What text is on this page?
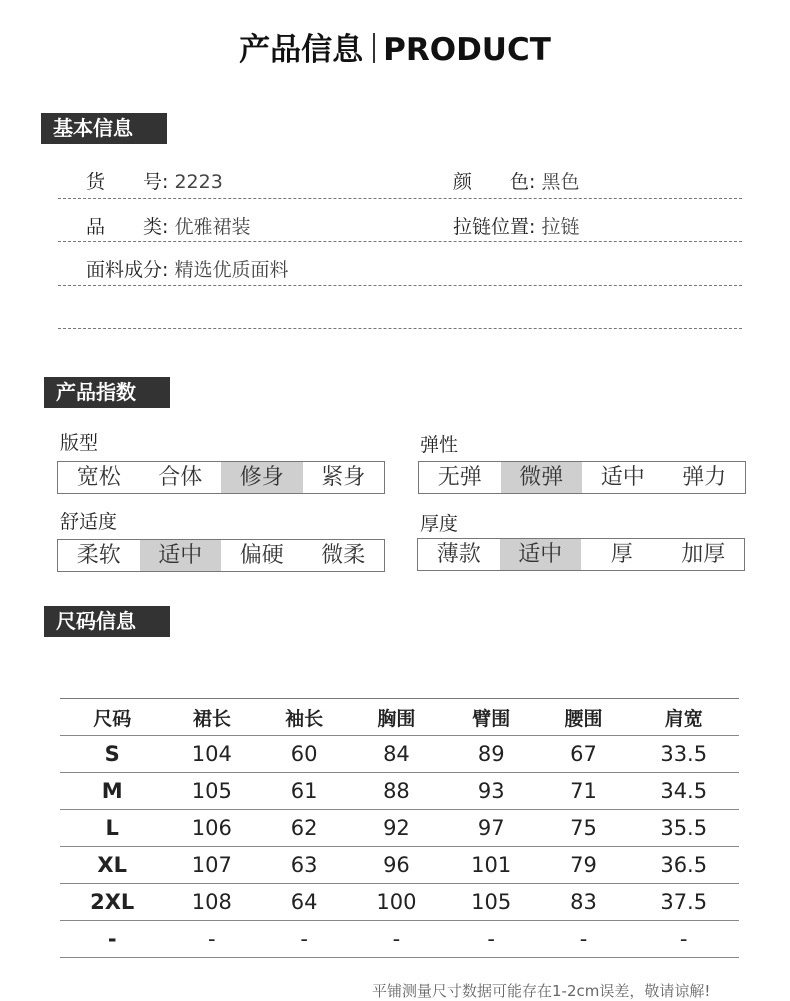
产品信息 PRODUCT
基本信息
货　　号: 2223	颜　　色: 黑色
品　　类: 优雅裙装	拉链位置: 拉链
面料成分: 精选优质面料
产品指数
版型
宽松	合体	修身	紧身
弹性
无弹	微弹	适中	弹力
舒适度
柔软	适中	偏硬	微柔
厚度
薄款	适中	厚	加厚
尺码信息
尺码	裙长	袖长	胸围	臂围	腰围	肩宽
S	104	60	84	89	67	33.5
M	105	61	88	93	71	34.5
L	106	62	92	97	75	35.5
XL	107	63	96	101	79	36.5
2XL	108	64	100	105	83	37.5
-	-	-	-	-	-	-
平铺测量尺寸数据可能存在1-2cm误差，敬请谅解!
